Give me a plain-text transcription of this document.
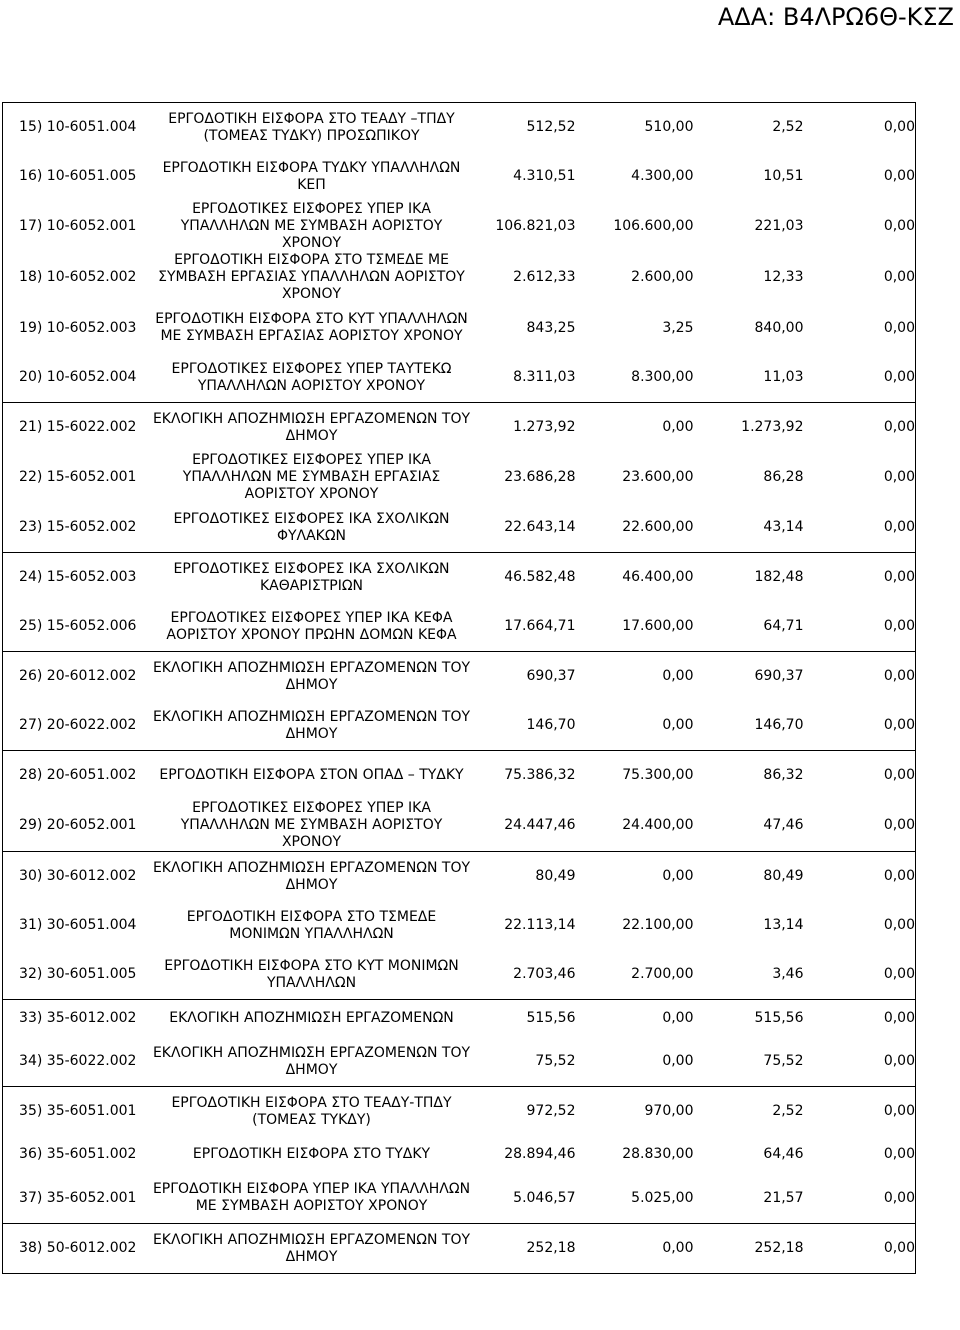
ΑΔΑ: Β4ΛΡΩ6Θ-ΚΣΖ
15) 10-6051.004	ΕΡΓΟΔΟΤΙΚΗ ΕΙΣΦΟΡΑ ΣΤΟ ΤΕΑΔΥ –ΤΠΔΥ (ΤΟΜΕΑΣ ΤΥΔΚΥ) ΠΡΟΣΩΠΙΚΟΥ	512,52	510,00	2,52	0,00
16) 10-6051.005	ΕΡΓΟΔΟΤΙΚΗ ΕΙΣΦΟΡΑ ΤΥΔΚΥ ΥΠΑΛΛΗΛΩΝ ΚΕΠ	4.310,51	4.300,00	10,51	0,00
17) 10-6052.001	ΕΡΓΟΔΟΤΙΚΕΣ ΕΙΣΦΟΡΕΣ ΥΠΕΡ ΙΚΑ ΥΠΑΛΛΗΛΩΝ ΜΕ ΣΥΜΒΑΣΗ ΑΟΡΙΣΤΟΥ ΧΡΟΝΟΥ	106.821,03	106.600,00	221,03	0,00
18) 10-6052.002	ΕΡΓΟΔΟΤΙΚΗ ΕΙΣΦΟΡΑ ΣΤΟ ΤΣΜΕΔΕ ΜΕ ΣΥΜΒΑΣΗ ΕΡΓΑΣΙΑΣ ΥΠΑΛΛΗΛΩΝ ΑΟΡΙΣΤΟΥ ΧΡΟΝΟΥ	2.612,33	2.600,00	12,33	0,00
19) 10-6052.003	ΕΡΓΟΔΟΤΙΚΗ ΕΙΣΦΟΡΑ ΣΤΟ ΚΥΤ ΥΠΑΛΛΗΛΩΝ ΜΕ ΣΥΜΒΑΣΗ ΕΡΓΑΣΙΑΣ ΑΟΡΙΣΤΟΥ ΧΡΟΝΟΥ	843,25	3,25	840,00	0,00
20) 10-6052.004	ΕΡΓΟΔΟΤΙΚΕΣ ΕΙΣΦΟΡΕΣ ΥΠΕΡ ΤΑΥΤΕΚΩ ΥΠΑΛΛΗΛΩΝ ΑΟΡΙΣΤΟΥ ΧΡΟΝΟΥ	8.311,03	8.300,00	11,03	0,00
21) 15-6022.002	ΕΚΛΟΓΙΚΗ ΑΠΟΖΗΜΙΩΣΗ ΕΡΓΑΖΟΜΕΝΩΝ ΤΟΥ ΔΗΜΟΥ	1.273,92	0,00	1.273,92	0,00
22) 15-6052.001	ΕΡΓΟΔΟΤΙΚΕΣ ΕΙΣΦΟΡΕΣ ΥΠΕΡ ΙΚΑ ΥΠΑΛΛΗΛΩΝ ΜΕ ΣΥΜΒΑΣΗ ΕΡΓΑΣΙΑΣ ΑΟΡΙΣΤΟΥ ΧΡΟΝΟΥ	23.686,28	23.600,00	86,28	0,00
23) 15-6052.002	ΕΡΓΟΔΟΤΙΚΕΣ ΕΙΣΦΟΡΕΣ ΙΚΑ ΣΧΟΛΙΚΩΝ ΦΥΛΑΚΩΝ	22.643,14	22.600,00	43,14	0,00
24) 15-6052.003	ΕΡΓΟΔΟΤΙΚΕΣ ΕΙΣΦΟΡΕΣ ΙΚΑ ΣΧΟΛΙΚΩΝ ΚΑΘΑΡΙΣΤΡΙΩΝ	46.582,48	46.400,00	182,48	0,00
25) 15-6052.006	ΕΡΓΟΔΟΤΙΚΕΣ ΕΙΣΦΟΡΕΣ ΥΠΕΡ ΙΚΑ ΚΕΦΑ ΑΟΡΙΣΤΟΥ ΧΡΟΝΟΥ ΠΡΩΗΝ ΔΟΜΩΝ ΚΕΦΑ	17.664,71	17.600,00	64,71	0,00
26) 20-6012.002	ΕΚΛΟΓΙΚΗ ΑΠΟΖΗΜΙΩΣΗ ΕΡΓΑΖΟΜΕΝΩΝ ΤΟΥ ΔΗΜΟΥ	690,37	0,00	690,37	0,00
27) 20-6022.002	ΕΚΛΟΓΙΚΗ ΑΠΟΖΗΜΙΩΣΗ ΕΡΓΑΖΟΜΕΝΩΝ ΤΟΥ ΔΗΜΟΥ	146,70	0,00	146,70	0,00
28) 20-6051.002	ΕΡΓΟΔΟΤΙΚΗ ΕΙΣΦΟΡΑ ΣΤΟΝ ΟΠΑΔ – ΤΥΔΚΥ	75.386,32	75.300,00	86,32	0,00
29) 20-6052.001	ΕΡΓΟΔΟΤΙΚΕΣ ΕΙΣΦΟΡΕΣ ΥΠΕΡ ΙΚΑ ΥΠΑΛΛΗΛΩΝ ΜΕ ΣΥΜΒΑΣΗ ΑΟΡΙΣΤΟΥ ΧΡΟΝΟΥ	24.447,46	24.400,00	47,46	0,00
30) 30-6012.002	ΕΚΛΟΓΙΚΗ ΑΠΟΖΗΜΙΩΣΗ ΕΡΓΑΖΟΜΕΝΩΝ ΤΟΥ ΔΗΜΟΥ	80,49	0,00	80,49	0,00
31) 30-6051.004	ΕΡΓΟΔΟΤΙΚΗ ΕΙΣΦΟΡΑ ΣΤΟ ΤΣΜΕΔΕ ΜΟΝΙΜΩΝ ΥΠΑΛΛΗΛΩΝ	22.113,14	22.100,00	13,14	0,00
32) 30-6051.005	ΕΡΓΟΔΟΤΙΚΗ ΕΙΣΦΟΡΑ ΣΤΟ ΚΥΤ ΜΟΝΙΜΩΝ ΥΠΑΛΛΗΛΩΝ	2.703,46	2.700,00	3,46	0,00
33) 35-6012.002	ΕΚΛΟΓΙΚΗ ΑΠΟΖΗΜΙΩΣΗ ΕΡΓΑΖΟΜΕΝΩΝ	515,56	0,00	515,56	0,00
34) 35-6022.002	ΕΚΛΟΓΙΚΗ ΑΠΟΖΗΜΙΩΣΗ ΕΡΓΑΖΟΜΕΝΩΝ ΤΟΥ ΔΗΜΟΥ	75,52	0,00	75,52	0,00
35) 35-6051.001	ΕΡΓΟΔΟΤΙΚΗ ΕΙΣΦΟΡΑ ΣΤΟ ΤΕΑΔΥ-ΤΠΔΥ (ΤΟΜΕΑΣ ΤΥΚΔΥ)	972,52	970,00	2,52	0,00
36) 35-6051.002	ΕΡΓΟΔΟΤΙΚΗ ΕΙΣΦΟΡΑ ΣΤΟ ΤΥΔΚΥ	28.894,46	28.830,00	64,46	0,00
37) 35-6052.001	ΕΡΓΟΔΟΤΙΚΗ ΕΙΣΦΟΡΑ ΥΠΕΡ ΙΚΑ ΥΠΑΛΛΗΛΩΝ ΜΕ ΣΥΜΒΑΣΗ ΑΟΡΙΣΤΟΥ ΧΡΟΝΟΥ	5.046,57	5.025,00	21,57	0,00
38) 50-6012.002	ΕΚΛΟΓΙΚΗ ΑΠΟΖΗΜΙΩΣΗ ΕΡΓΑΖΟΜΕΝΩΝ ΤΟΥ ΔΗΜΟΥ	252,18	0,00	252,18	0,00
